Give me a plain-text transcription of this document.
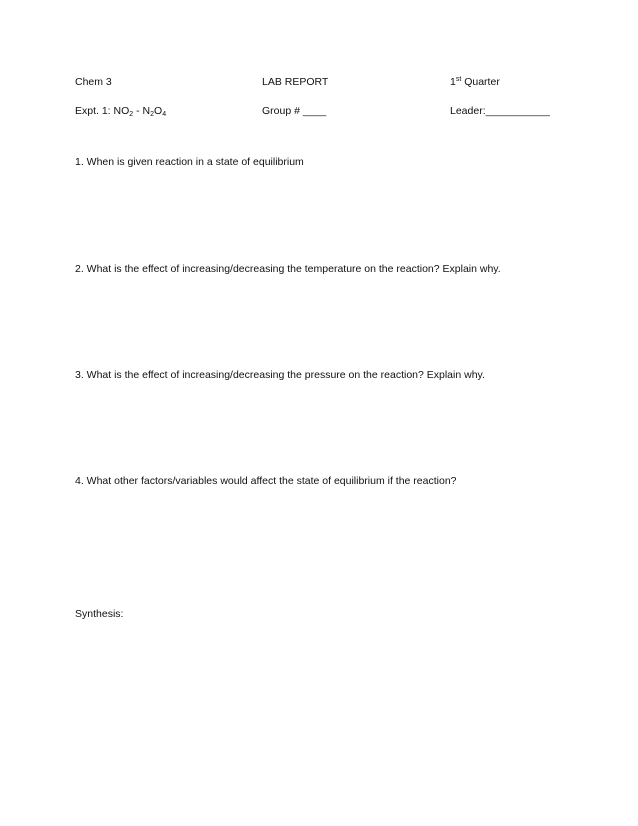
Chem 3	LAB REPORT	1st Quarter
Expt. 1: $NO_2 - N_2O_4$	Group # ____	Leader:___________
1. When is given reaction in a state of equilibrium
2. What is the effect of increasing/decreasing the temperature on the reaction? Explain why.
3. What is the effect of increasing/decreasing the pressure on the reaction? Explain why.
4. What other factors/variables would affect the state of equilibrium if the reaction?
Synthesis:
